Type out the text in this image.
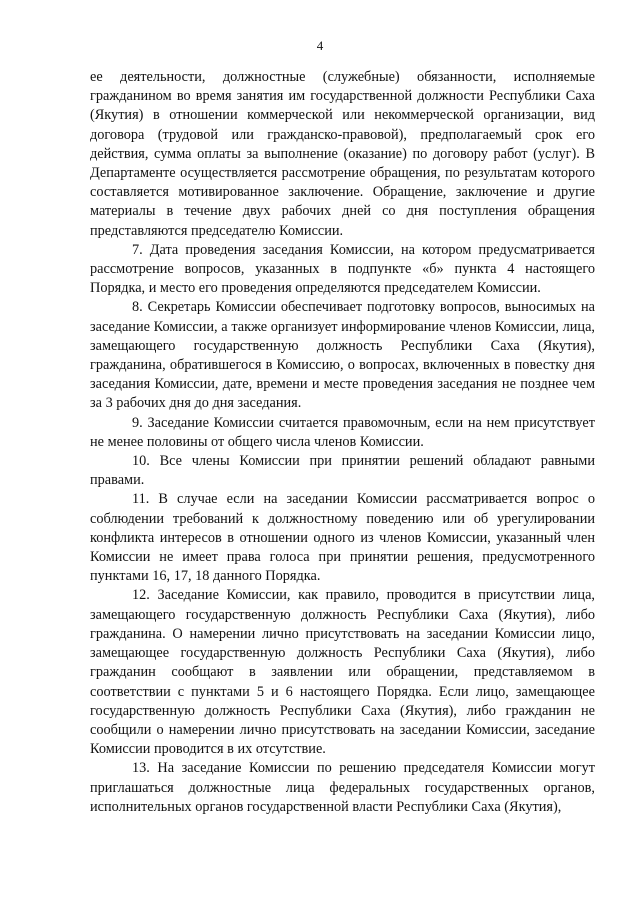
4

ее деятельности, должностные (служебные) обязанности, исполняемые гражданином во время занятия им государственной должности Республики Саха (Якутия) в отношении коммерческой или некоммерческой организации, вид договора (трудовой или гражданско-правовой), предполагаемый срок его действия, сумма оплаты за выполнение (оказание) по договору работ (услуг). В Департаменте осуществляется рассмотрение обращения, по результатам которого составляется мотивированное заключение. Обращение, заключение и другие материалы в течение двух рабочих дней со дня поступления обращения представляются председателю Комиссии.

7. Дата проведения заседания Комиссии, на котором предусматривается рассмотрение вопросов, указанных в подпункте «б» пункта 4 настоящего Порядка, и место его проведения определяются председателем Комиссии.

8. Секретарь Комиссии обеспечивает подготовку вопросов, выносимых на заседание Комиссии, а также организует информирование членов Комиссии, лица, замещающего государственную должность Республики Саха (Якутия), гражданина, обратившегося в Комиссию, о вопросах, включенных в повестку дня заседания Комиссии, дате, времени и месте проведения заседания не позднее чем за 3 рабочих дня до дня заседания.

9. Заседание Комиссии считается правомочным, если на нем присутствует не менее половины от общего числа членов Комиссии.

10. Все члены Комиссии при принятии решений обладают равными правами.

11. В случае если на заседании Комиссии рассматривается вопрос о соблюдении требований к должностному поведению или об урегулировании конфликта интересов в отношении одного из членов Комиссии, указанный член Комиссии не имеет права голоса при принятии решения, предусмотренного пунктами 16, 17, 18 данного Порядка.

12. Заседание Комиссии, как правило, проводится в присутствии лица, замещающего государственную должность Республики Саха (Якутия), либо гражданина. О намерении лично присутствовать на заседании Комиссии лицо, замещающее государственную должность Республики Саха (Якутия), либо гражданин сообщают в заявлении или обращении, представляемом в соответствии с пунктами 5 и 6 настоящего Порядка. Если лицо, замещающее государственную должность Республики Саха (Якутия), либо гражданин не сообщили о намерении лично присутствовать на заседании Комиссии, заседание Комиссии проводится в их отсутствие.

13. На заседание Комиссии по решению председателя Комиссии могут приглашаться должностные лица федеральных государственных органов, исполнительных органов государственной власти Республики Саха (Якутия),
